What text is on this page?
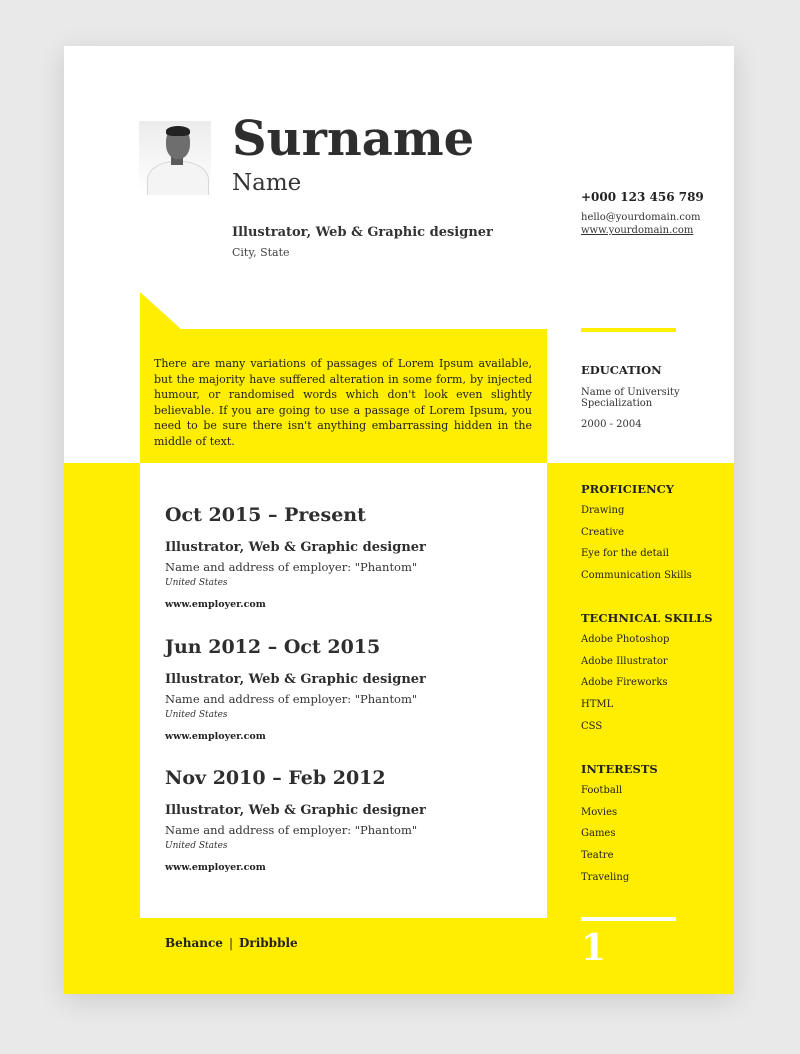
Surname
Name
Illustrator, Web & Graphic designer
City, State
+000 123 456 789
hello@yourdomain.com
www.yourdomain.com
There are many variations of passages of Lorem Ipsum available, but the majority have suffered alteration in some form, by injected humour, or randomised words which don't look even slightly believable. If you are going to use a passage of Lorem Ipsum, you need to be sure there isn't anything embarrassing hidden in the middle of text.
EDUCATION
Name of University
Specialization
2000 - 2004
PROFICIENCY
Drawing
Creative
Eye for the detail
Communication Skills
TECHNICAL SKILLS
Adobe Photoshop
Adobe Illustrator
Adobe Fireworks
HTML
CSS
INTERESTS
Football
Movies
Games
Teatre
Traveling
Oct 2015 – Present
Illustrator, Web & Graphic designer
Name and address of employer: "Phantom"
United States
www.employer.com
Jun 2012 – Oct 2015
Illustrator, Web & Graphic designer
Name and address of employer: "Phantom"
United States
www.employer.com
Nov 2010 – Feb 2012
Illustrator, Web & Graphic designer
Name and address of employer: "Phantom"
United States
www.employer.com
Behance | Dribbble	1
